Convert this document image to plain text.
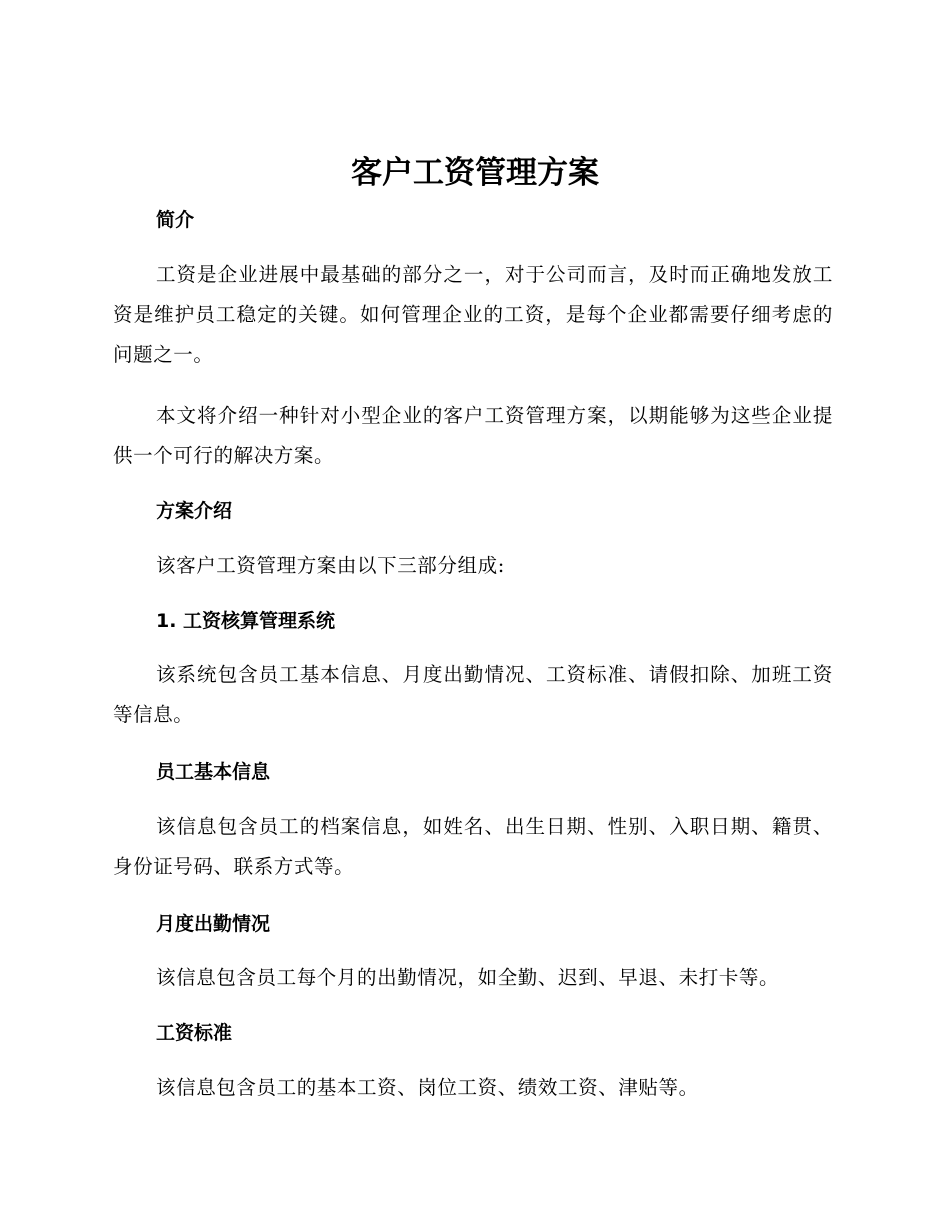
客户工资管理方案
简介

工资是企业进展中最基础的部分之一，对于公司而言，及时而正确地发放工资是维护员工稳定的关键。如何管理企业的工资，是每个企业都需要仔细考虑的问题之一。

本文将介绍一种针对小型企业的客户工资管理方案，以期能够为这些企业提供一个可行的解决方案。

方案介绍

该客户工资管理方案由以下三部分组成:

1. 工资核算管理系统

该系统包含员工基本信息、月度出勤情况、工资标准、请假扣除、加班工资等信息。

员工基本信息

该信息包含员工的档案信息，如姓名、出生日期、性别、入职日期、籍贯、身份证号码、联系方式等。

月度出勤情况

该信息包含员工每个月的出勤情况，如全勤、迟到、早退、未打卡等。

工资标准

该信息包含员工的基本工资、岗位工资、绩效工资、津贴等。
